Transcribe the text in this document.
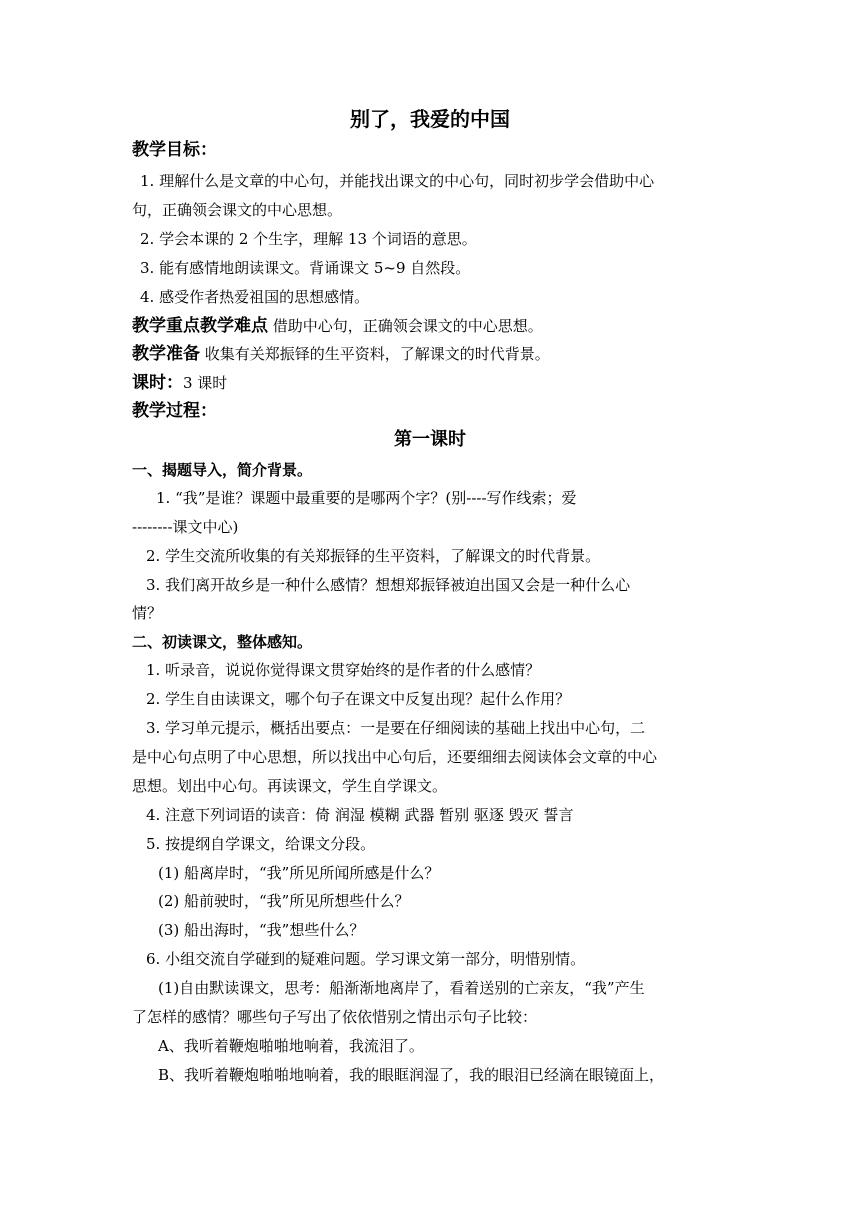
别了，我爱的中国
教学目标：
1. 理解什么是文章的中心句，并能找出课文的中心句，同时初步学会借助中心
句，正确领会课文的中心思想。
2. 学会本课的 2 个生字，理解 13 个词语的意思。
3. 能有感情地朗读课文。背诵课文 5~9 自然段。
4. 感受作者热爱祖国的思想感情。
教学重点教学难点 借助中心句，正确领会课文的中心思想。
教学准备 收集有关郑振铎的生平资料，了解课文的时代背景。
课时：3 课时
教学过程：
第一课时
一、揭题导入，简介背景。
1. “我”是谁？课题中最重要的是哪两个字？(别----写作线索；爱
--------课文中心)
2. 学生交流所收集的有关郑振铎的生平资料，了解课文的时代背景。
3. 我们离开故乡是一种什么感情？想想郑振铎被迫出国又会是一种什么心
情？
二、初读课文，整体感知。
1. 听录音，说说你觉得课文贯穿始终的是作者的什么感情？
2. 学生自由读课文，哪个句子在课文中反复出现？起什么作用？
3. 学习单元提示，概括出要点：一是要在仔细阅读的基础上找出中心句，二
是中心句点明了中心思想，所以找出中心句后，还要细细去阅读体会文章的中心
思想。划出中心句。再读课文，学生自学课文。
4. 注意下列词语的读音：倚 润湿 模糊 武器 暂别 驱逐 毁灭 誓言
5. 按提纲自学课文，给课文分段。
(1) 船离岸时，“我”所见所闻所感是什么？
(2) 船前驶时，“我”所见所想些什么？
(3) 船出海时，“我”想些什么？
6. 小组交流自学碰到的疑难问题。学习课文第一部分，明惜别情。
(1)自由默读课文，思考：船渐渐地离岸了，看着送别的亡亲友，“我”产生
了怎样的感情？哪些句子写出了依依惜别之情出示句子比较：
A、我听着鞭炮啪啪地响着，我流泪了。
B、我听着鞭炮啪啪地响着，我的眼眶润湿了，我的眼泪已经滴在眼镜面上，
